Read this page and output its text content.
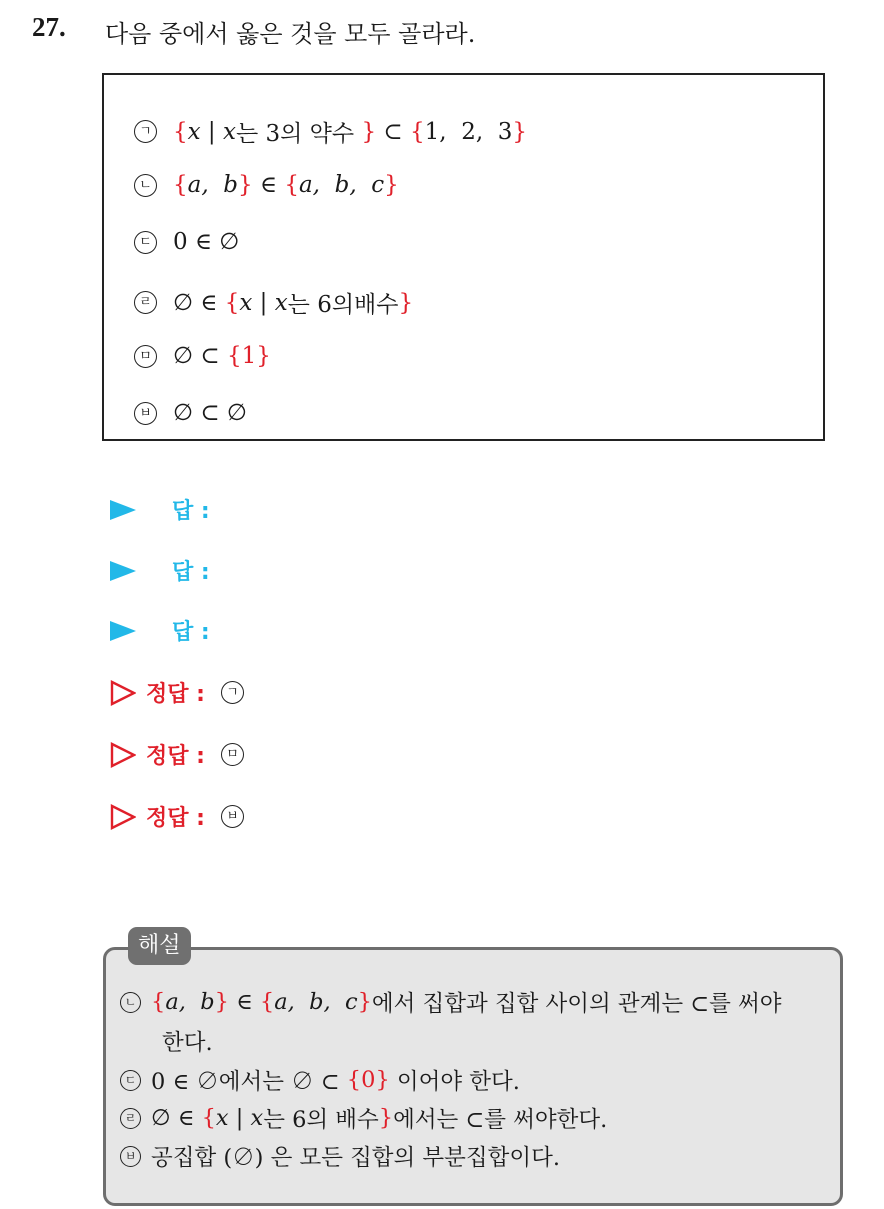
27. 다음 중에서 옳은 것을 모두 골라라.
ㄱ { x | x 는 3의 약수 } ⊂ { 1,  2,  3 }
ㄴ { a,  b } ∈ { a,  b,  c }
ㄷ 0 ∈ ∅
ㄹ ∅ ∈ { x | x 는 6의배수 }
ㅁ ∅ ⊂ { 1 }
ㅂ ∅ ⊂ ∅
답 :
답 :
답 :
정답 :	ㄱ
정답 :	ㅁ
정답 :	ㅂ
ㄴ { a,  b } ∈ { a,  b,  c } 에서 집합과 집합 사이의 관계는 ⊂를 써야
한다.
ㄷ 0 ∈ ∅에서는 ∅ ⊂ { 0 } 이어야 한다.
ㄹ ∅ ∈ { x | x 는 6의 배수 } 에서는 ⊂를 써야한다.
ㅂ 공집합 (∅) 은 모든 집합의 부분집합이다.
해설
